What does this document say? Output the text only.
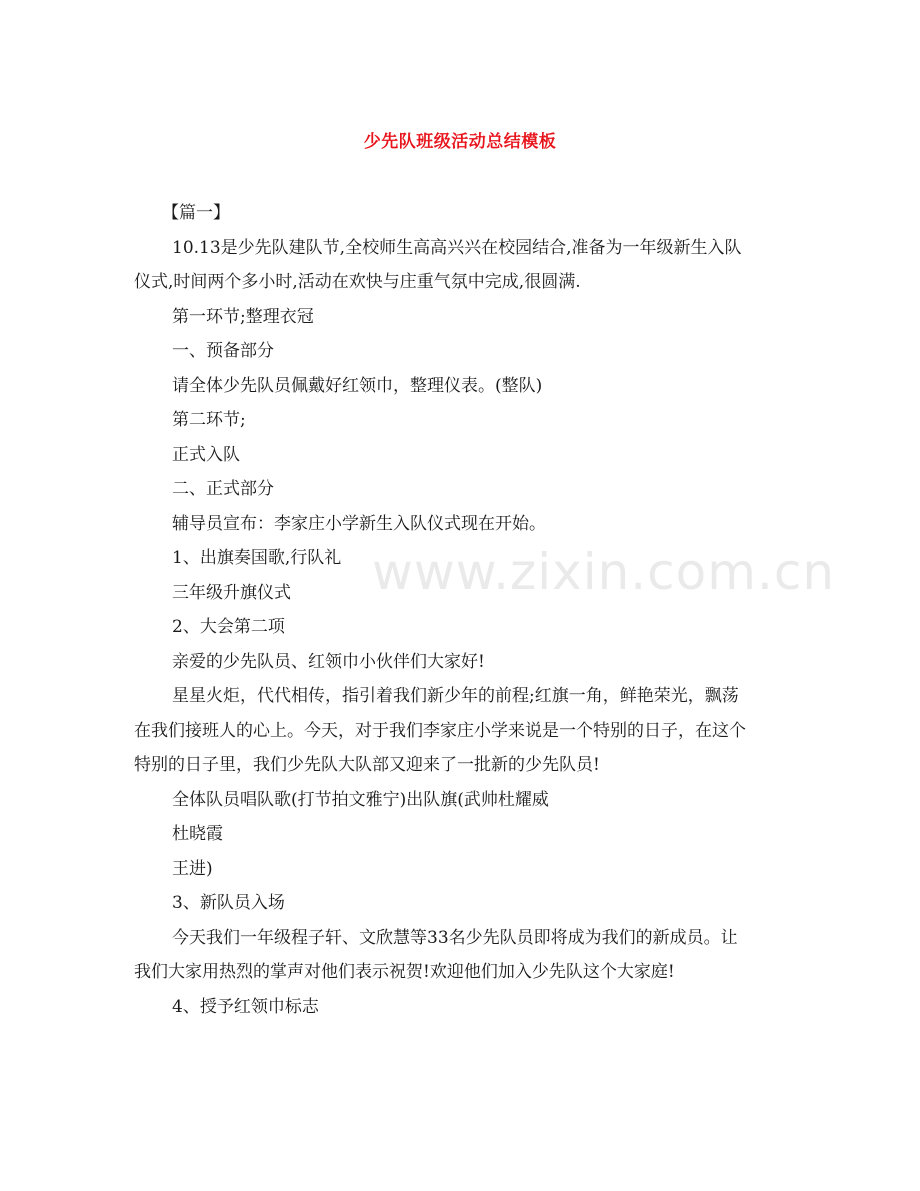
少先队班级活动总结模板
www.zixin.com.cn
【篇一】
10.13是少先队建队节,全校师生高高兴兴在校园结合,准备为一年级新生入队
仪式,时间两个多小时,活动在欢快与庄重气氛中完成,很圆满.
第一环节;整理衣冠
一、预备部分
请全体少先队员佩戴好红领巾，整理仪表。(整队)
第二环节;
正式入队
二、正式部分
辅导员宣布：李家庄小学新生入队仪式现在开始。
1、出旗奏国歌,行队礼
三年级升旗仪式
2、大会第二项
亲爱的少先队员、红领巾小伙伴们大家好!
星星火炬，代代相传，指引着我们新少年的前程;红旗一角，鲜艳荣光，飘荡
在我们接班人的心上。今天，对于我们李家庄小学来说是一个特别的日子，在这个
特别的日子里，我们少先队大队部又迎来了一批新的少先队员!
全体队员唱队歌(打节拍文雅宁)出队旗(武帅杜耀威
杜晓霞
王进)
3、新队员入场
今天我们一年级程子轩、文欣慧等33名少先队员即将成为我们的新成员。让
我们大家用热烈的掌声对他们表示祝贺!欢迎他们加入少先队这个大家庭!
4、授予红领巾标志
